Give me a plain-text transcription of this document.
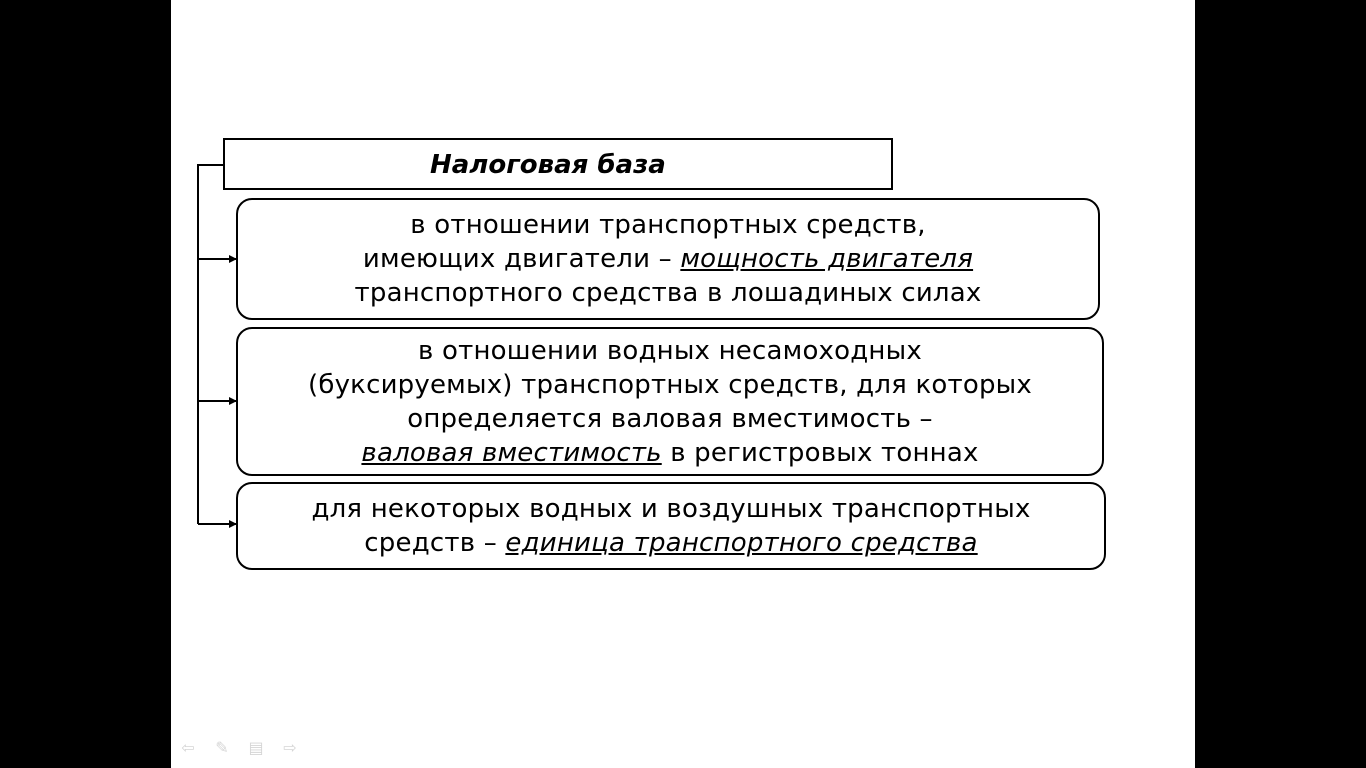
Налоговая база
в отношении транспортных средств,
имеющих двигатели – мощность двигателя
транспортного средства в лошадиных силах
в отношении водных несамоходных
(буксируемых) транспортных средств, для которых
определяется валовая вместимость –
валовая вместимость в регистровых тоннах
для некоторых водных и воздушных транспортных
средств – единица транспортного средства
⇦ ✎ ▤ ⇨
